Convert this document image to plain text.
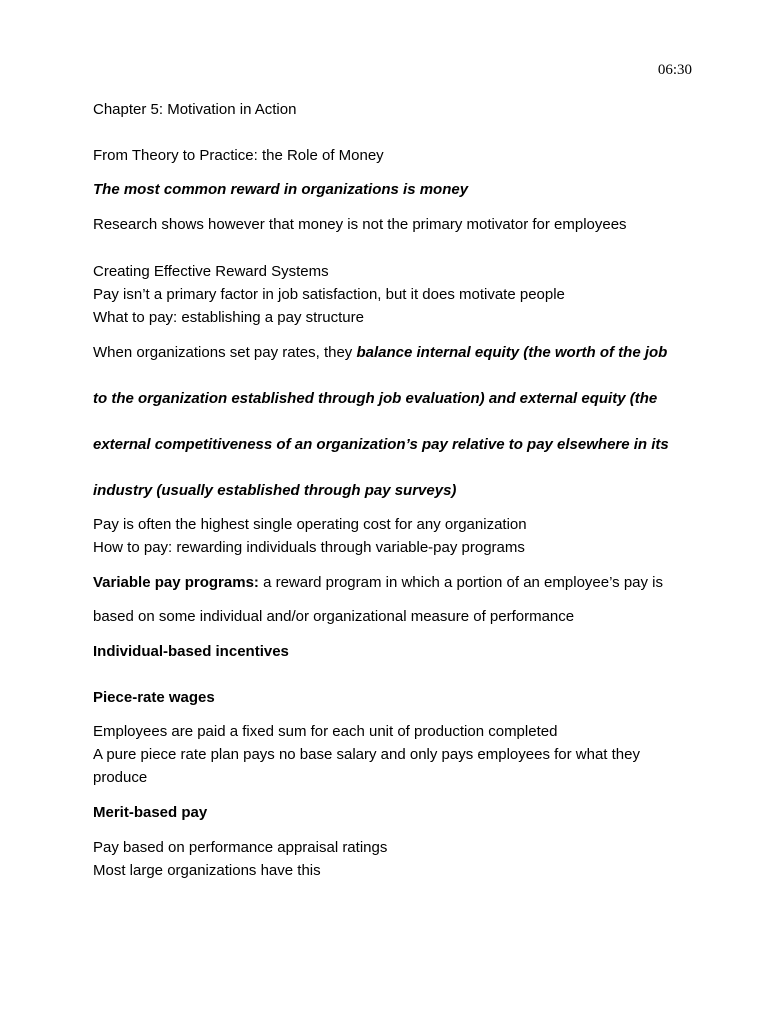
06:30
Chapter 5: Motivation in Action
From Theory to Practice: the Role of Money
The most common reward in organizations is money
Research shows however that money is not the primary motivator for employees
Creating Effective Reward Systems
Pay isn’t a primary factor in job satisfaction, but it does motivate people
What to pay: establishing a pay structure
When organizations set pay rates, they balance internal equity (the worth of the job
to the organization established through job evaluation) and external equity (the
external competitiveness of an organization’s pay relative to pay elsewhere in its
industry (usually established through pay surveys)
Pay is often the highest single operating cost for any organization
How to pay: rewarding individuals through variable-pay programs
Variable pay programs: a reward program in which a portion of an employee’s pay is
based on some individual and/or organizational measure of performance
Individual-based incentives
Piece-rate wages
Employees are paid a fixed sum for each unit of production completed
A pure piece rate plan pays no base salary and only pays employees for what they
produce
Merit-based pay
Pay based on performance appraisal ratings
Most large organizations have this
